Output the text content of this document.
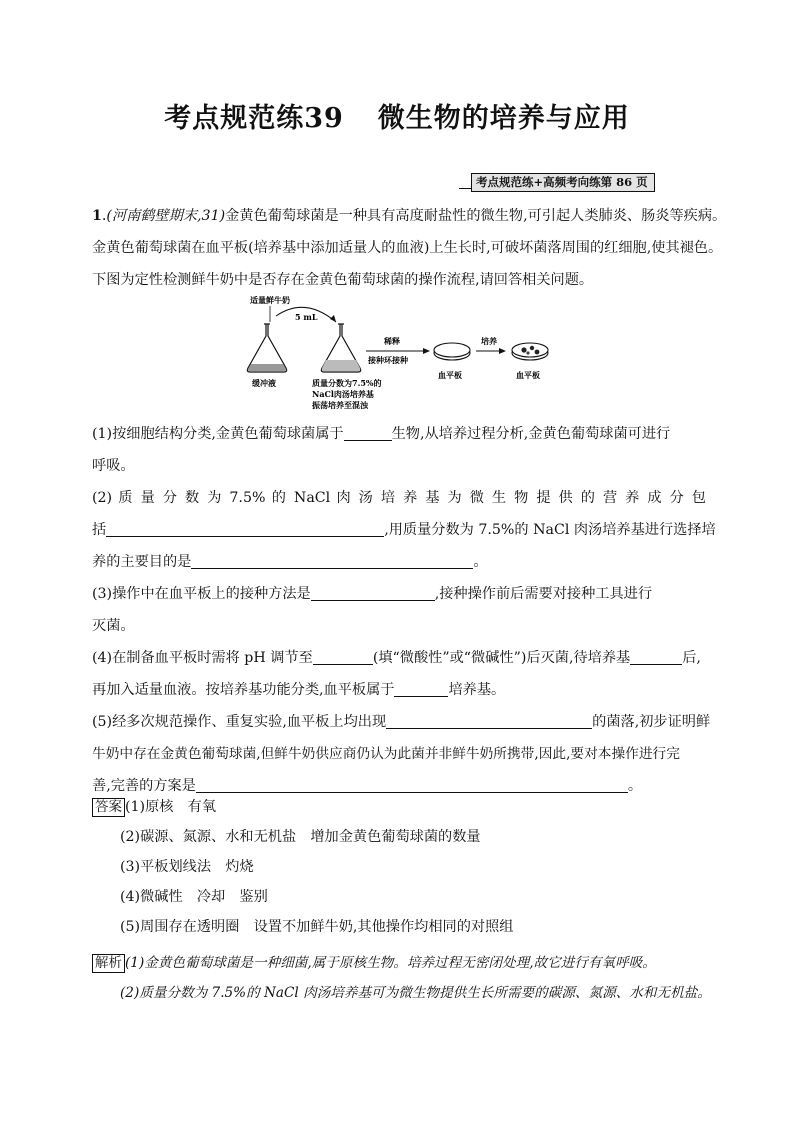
考点规范练39 微生物的培养与应用
考点规范练+高频考向练第 86 页
1.(河南鹤壁期末,31)金黄色葡萄球菌是一种具有高度耐盐性的微生物,可引起人类肺炎、肠炎等疾病。
金黄色葡萄球菌在血平板(培养基中添加适量人的血液)上生长时,可破坏菌落周围的红细胞,使其褪色。
下图为定性检测鲜牛奶中是否存在金黄色葡萄球菌的操作流程,请回答相关问题。
适量鲜牛奶
5 mL
缓冲液	质量分数为7.5%的
NaCl肉汤培养基
振荡培养至混浊
稀释
接种环接种
血平板
培养
血平板
(1)按细胞结构分类,金黄色葡萄球菌属于	生物,从培养过程分析,金黄色葡萄球菌可进行
呼吸。
(2) 质 量 分 数 为 7.5% 的 NaCl 肉 汤 培 养 基 为 微 生 物 提 供 的 营 养 成 分 包
括	,用质量分数为 7.5%的 NaCl 肉汤培养基进行选择培
养的主要目的是	。
(3)操作中在血平板上的接种方法是	,接种操作前后需要对接种工具进行
灭菌。
(4)在制备血平板时需将 pH 调节至	(填“微酸性”或“微碱性”)后灭菌,待培养基	后,
再加入适量血液。按培养基功能分类,血平板属于	培养基。
(5)经多次规范操作、重复实验,血平板上均出现	的菌落,初步证明鲜
牛奶中存在金黄色葡萄球菌,但鲜牛奶供应商仍认为此菌并非鲜牛奶所携带,因此,要对本操作进行完
善,完善的方案是	。
答案 (1)原核　有氧
(2)碳源、氮源、水和无机盐　增加金黄色葡萄球菌的数量
(3)平板划线法　灼烧
(4)微碱性　冷却　鉴别
(5)周围存在透明圈　设置不加鲜牛奶,其他操作均相同的对照组
解析 (1)金黄色葡萄球菌是一种细菌,属于原核生物。培养过程无密闭处理,故它进行有氧呼吸。
(2)质量分数为 7.5%的 NaCl 肉汤培养基可为微生物提供生长所需要的碳源、氮源、水和无机盐。
